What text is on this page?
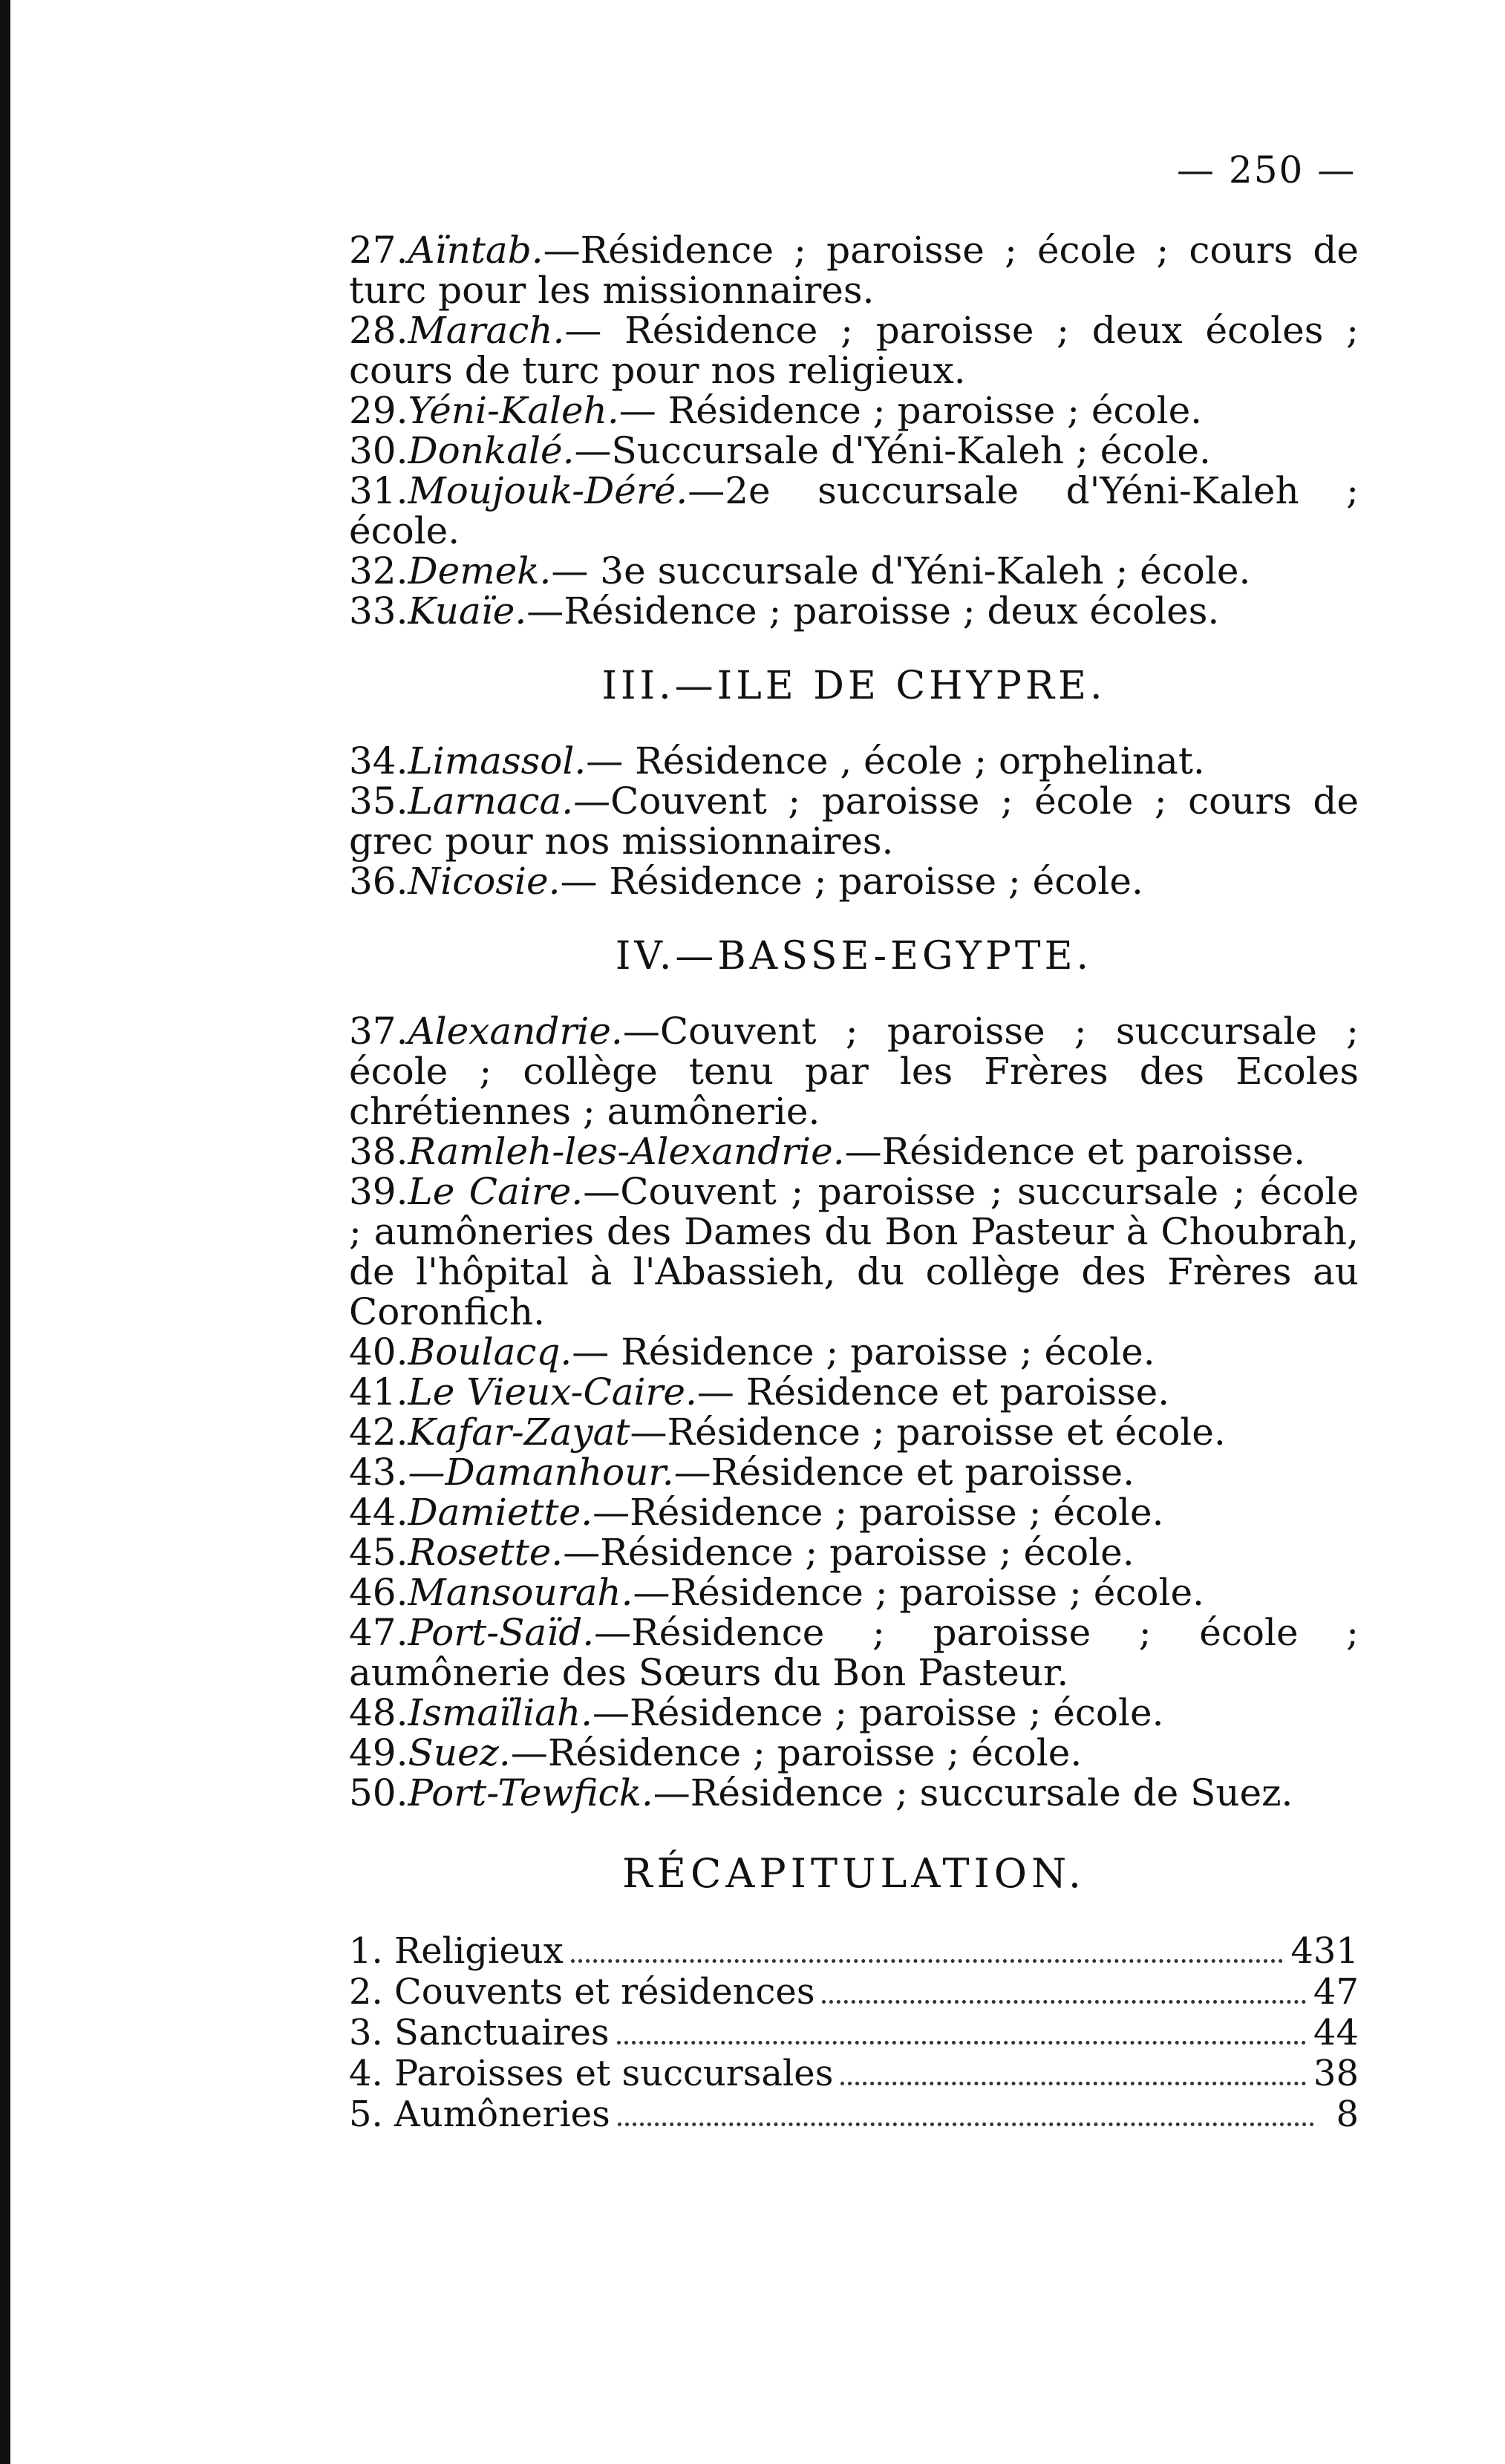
— 250 —

27.Aïntab.—Résidence ; paroisse ; école ; cours de turc pour les missionnaires.

28.Marach.— Résidence ; paroisse ; deux écoles ; cours de turc pour nos religieux.

29.Yéni-Kaleh.— Résidence ; paroisse ; école.

30.Donkalé.—Succursale d'Yéni-Kaleh ; école.

31.Moujouk-Déré.—2e succursale d'Yéni-Kaleh ; école.

32.Demek.— 3e succursale d'Yéni-Kaleh ; école.

33.Kuaïe.—Résidence ; paroisse ; deux écoles.

III.—ILE DE CHYPRE.

34.Limassol.— Résidence , école ; orphelinat.

35.Larnaca.—Couvent ; paroisse ; école ; cours de grec pour nos missionnaires.

36.Nicosie.— Résidence ; paroisse ; école.

IV.—BASSE-EGYPTE.

37.Alexandrie.—Couvent ; paroisse ; succursale ; école ; collège tenu par les Frères des Ecoles chrétiennes ; aumônerie.

38.Ramleh-les-Alexandrie.—Résidence et paroisse.

39.Le Caire.—Couvent ; paroisse ; succursale ; école ; aumôneries des Dames du Bon Pasteur à Choubrah, de l'hôpital à l'Abassieh, du collège des Frères au Coronfich.

40.Boulacq.— Résidence ; paroisse ; école.

41.Le Vieux-Caire.— Résidence et paroisse.

42.Kafar-Zayat—Résidence ; paroisse et école.

43.—Damanhour.—Résidence et paroisse.

44.Damiette.—Résidence ; paroisse ; école.

45.Rosette.—Résidence ; paroisse ; école.

46.Mansourah.—Résidence ; paroisse ; école.

47.Port-Saïd.—Résidence ; paroisse ; école ; aumônerie des Sœurs du Bon Pasteur.

48.Ismaïliah.—Résidence ; paroisse ; école.

49.Suez.—Résidence ; paroisse ; école.

50.Port-Tewfick.—Résidence ; succursale de Suez.

RÉCAPITULATION.
1. Religieux	431
2. Couvents et résidences	47
3. Sanctuaires	44
4. Paroisses et succursales	38
5. Aumôneries	8
